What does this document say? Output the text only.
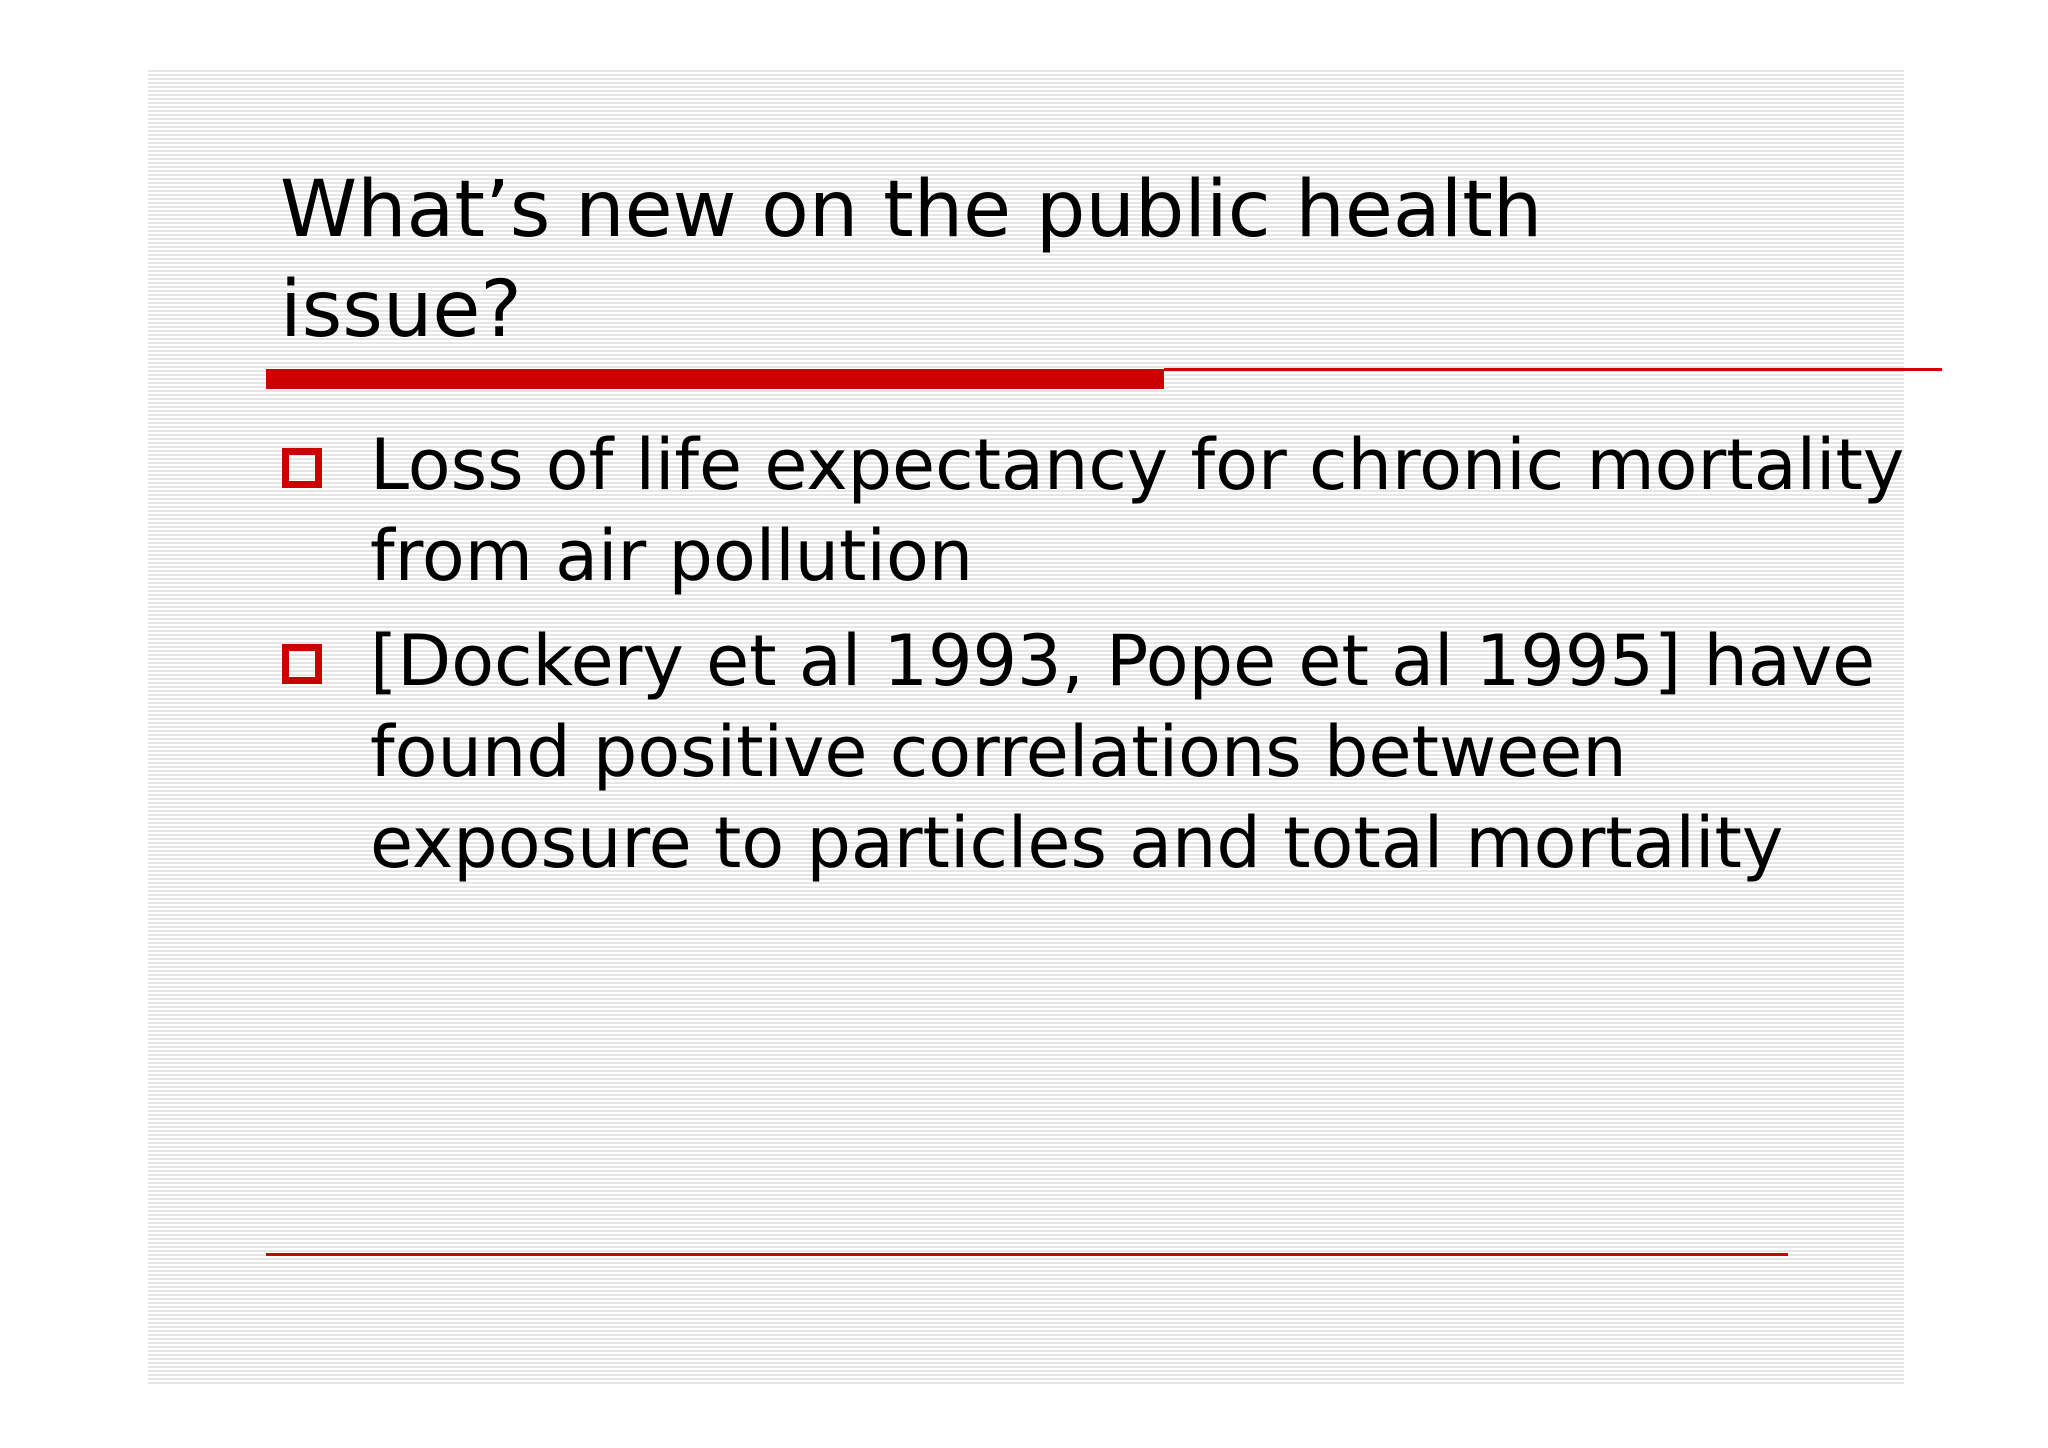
What’s new on the public health issue?
Loss of life expectancy for chronic mortality from air pollution
[Dockery et al 1993, Pope et al 1995] have found positive correlations between exposure to particles and total mortality
